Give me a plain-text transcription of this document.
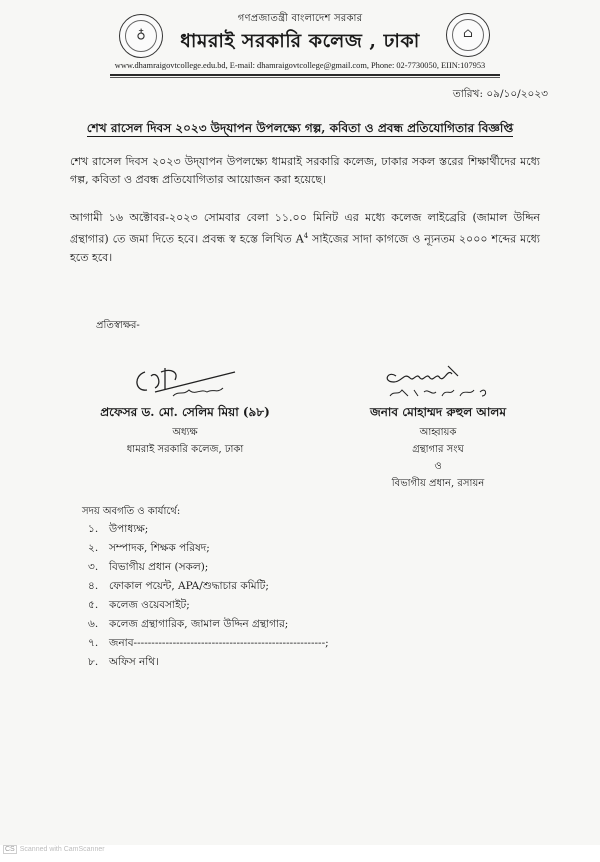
♁	⌂
গণপ্রজাতন্ত্রী বাংলাদেশ সরকার
ধামরাই সরকারি কলেজ , ঢাকা
www.dhamraigovtcollege.edu.bd, E-mail: dhamraigovtcollege@gmail.com, Phone: 02-7730050, EIIN:107953
তারিখ: ০৯/১০/২০২৩
শেখ রাসেল দিবস ২০২৩ উদ্‌যাপন উপলক্ষ্যে গল্প, কবিতা ও প্রবন্ধ প্রতিযোগিতার বিজ্ঞপ্তি
শেখ রাসেল দিবস ২০২৩ উদ্‌যাপন উপলক্ষ্যে ধামরাই সরকারি কলেজ, ঢাকার সকল স্তরের শিক্ষার্থীদের মধ্যে গল্প, কবিতা ও প্রবন্ধ প্রতিযোগিতার আয়োজন করা হয়েছে।
আগামী ১৬ অক্টোবর-২০২৩ সোমবার বেলা ১১.০০ মিনিট এর মধ্যে কলেজ লাইব্রেরি (জামাল উদ্দিন গ্রন্থাগার) তে জমা দিতে হবে। প্রবন্ধ স্ব হস্তে লিখিত $A^4$ সাইজের সাদা কাগজে ও ন্যূনতম ২০০০ শব্দের মধ্যে হতে হবে।
প্রতিস্বাক্ষর-
প্রফেসর ড. মো. সেলিম মিয়া (৯৮)
অধ্যক্ষ
ধামরাই সরকারি কলেজ, ঢাকা
জনাব মোহাম্মদ রুহুল আলম
আহ্বায়ক
গ্রন্থাগার সংঘ
ও
বিভাগীয় প্রধান, রসায়ন
সদয় অবগতি ও কার্যার্থে:
১. উপাধ্যক্ষ;
২. সম্পাদক, শিক্ষক পরিষদ;
৩. বিভাগীয় প্রধান (সকল);
৪. ফোকাল পয়েন্ট, APA/শুদ্ধাচার কমিটি;
৫. কলেজ ওয়েবসাইট;
৬. কলেজ গ্রন্থাগারিক, জামাল উদ্দিন গ্রন্থাগার;
৭. জনাব------------------------------------------------------;
৮. অফিস নথি।
CS Scanned with CamScanner
